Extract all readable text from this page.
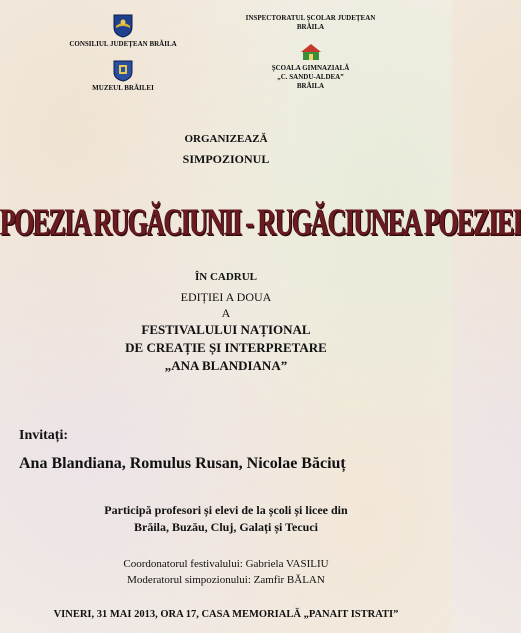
CONSILIUL JUDEȚEAN BRĂILA
MUZEUL BRĂILEI
INSPECTORATUL ȘCOLAR JUDEȚEAN
BRĂILA
ȘCOALA GIMNAZIALĂ
„C. SANDU-ALDEA”
BRĂILA
ORGANIZEAZĂ
SIMPOZIONUL
POEZIA RUGĂCIUNII - RUGĂCIUNEA POEZIEI
ÎN CADRUL
EDIȚIEI A DOUA
A
FESTIVALULUI NAȚIONAL
DE CREAȚIE ȘI INTERPRETARE
„ANA BLANDIANA”
Invitați:
Ana Blandiana, Romulus Rusan, Nicolae Băciuț
Participă profesori și elevi de la școli și licee din
Brăila, Buzău, Cluj, Galați și Tecuci
Coordonatorul festivalului: Gabriela VASILIU
Moderatorul simpozionului: Zamfir BĂLAN
VINERI, 31 MAI 2013, ORA 17, CASA MEMORIALĂ „PANAIT ISTRATI”
